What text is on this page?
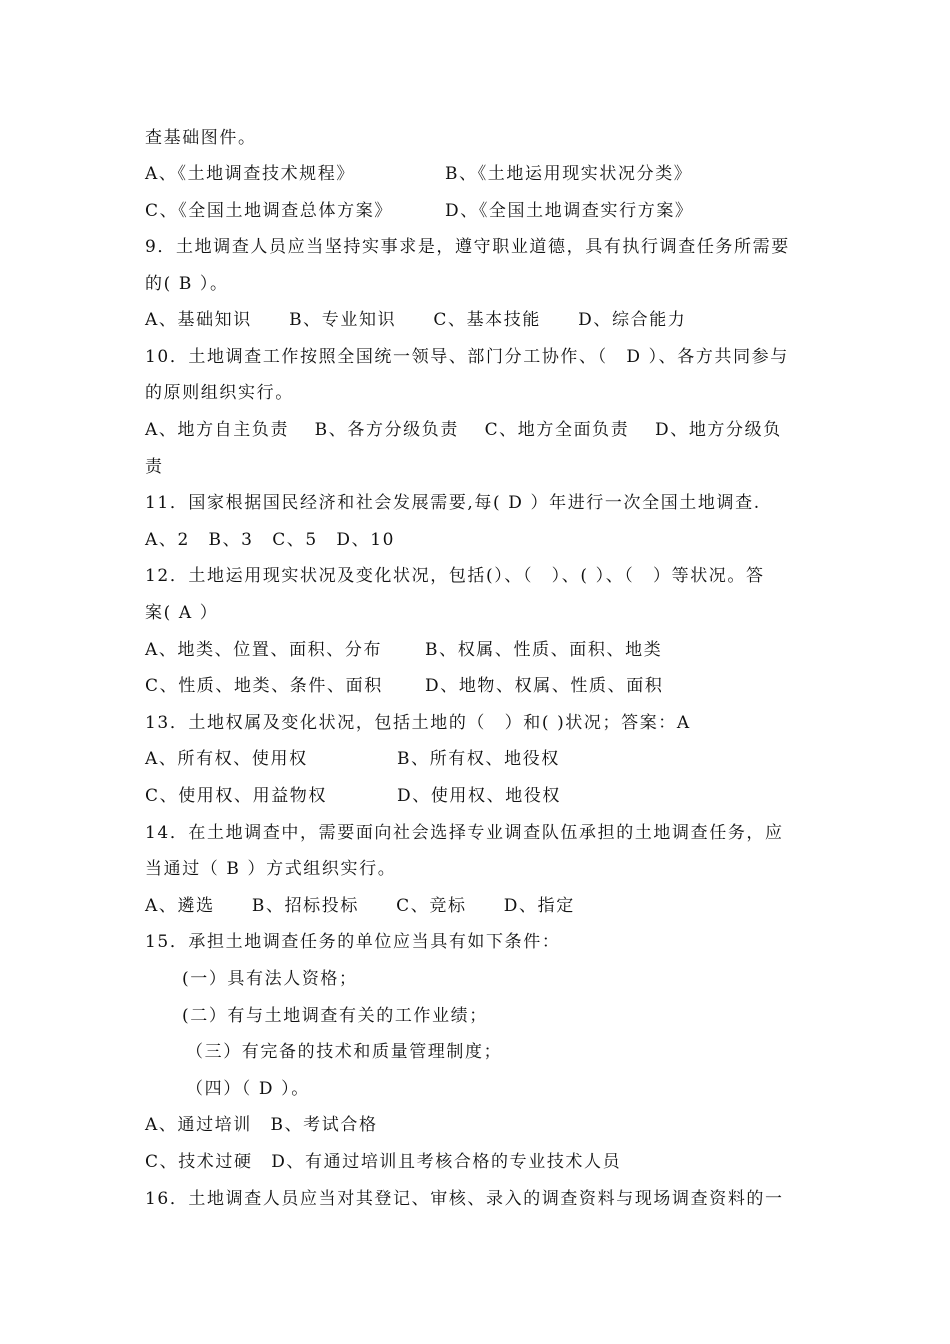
查基础图件。
A、《土地调查技术规程》	B、《土地运用现实状况分类》
C、《全国土地调查总体方案》	D、《全国土地调查实行方案》
9．土地调查人员应当坚持实事求是，遵守职业道德，具有执行调查任务所需要
的( B ）。
A、基础知识　　B、专业知识　　C、基本技能　　D、综合能力
10．土地调查工作按照全国统一领导、部门分工协作、（　D ）、各方共同参与
的原则组织实行。
A、地方自主负责　 B、各方分级负责　 C、地方全面负责　 D、地方分级负
责
11．国家根据国民经济和社会发展需要,每( D ）年进行一次全国土地调查.
A、2　B、3　C、5　D、10
12．土地运用现实状况及变化状况，包括(）、（　）、( ）、（　）等状况。答
案( A ）
A、地类、位置、面积、分布	B、权属、性质、面积、地类
C、性质、地类、条件、面积 D、地物、权属、性质、面积
13．土地权属及变化状况，包括土地的（　）和( )状况；答案：A
A、所有权、使用权	B、所有权、地役权
C、使用权、用益物权	D、使用权、地役权
14．在土地调查中，需要面向社会选择专业调查队伍承担的土地调查任务，应
当通过（ B ）方式组织实行。
A、遴选　　B、招标投标　　C、竞标　　D、指定
15．承担土地调查任务的单位应当具有如下条件：
(一）具有法人资格；
(二）有与土地调查有关的工作业绩；
（三）有完备的技术和质量管理制度；
（四）（ D ）。
A、通过培训　B、考试合格
C、技术过硬　D、有通过培训且考核合格的专业技术人员
16．土地调查人员应当对其登记、审核、录入的调查资料与现场调查资料的一
